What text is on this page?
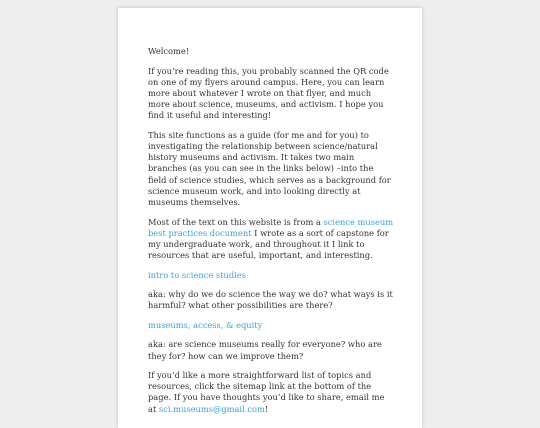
Welcome!

If you’re reading this, you probably scanned the QR code on one of my flyers around campus. Here, you can learn more about whatever I wrote on that flyer, and much more about science, museums, and activism. I hope you find it useful and interesting!

This site functions as a guide (for me and for you) to investigating the relationship between science/natural history museums and activism. It takes two main branches (as you can see in the links below) –into the field of science studies, which serves as a background for science museum work, and into looking directly at museums themselves.

Most of the text on this website is from a science museum best practices document I wrote as a sort of capstone for my undergraduate work, and throughout it I link to resources that are useful, important, and interesting.

intro to science studies

aka: why do we do science the way we do? what ways is it harmful? what other possibilities are there?

museums, access, & equity

aka: are science museums really for everyone? who are they for? how can we improve them?

If you’d like a more straightforward list of topics and resources, click the sitemap link at the bottom of the page. If you have thoughts you’d like to share, email me at sci.museums@gmail.com!
